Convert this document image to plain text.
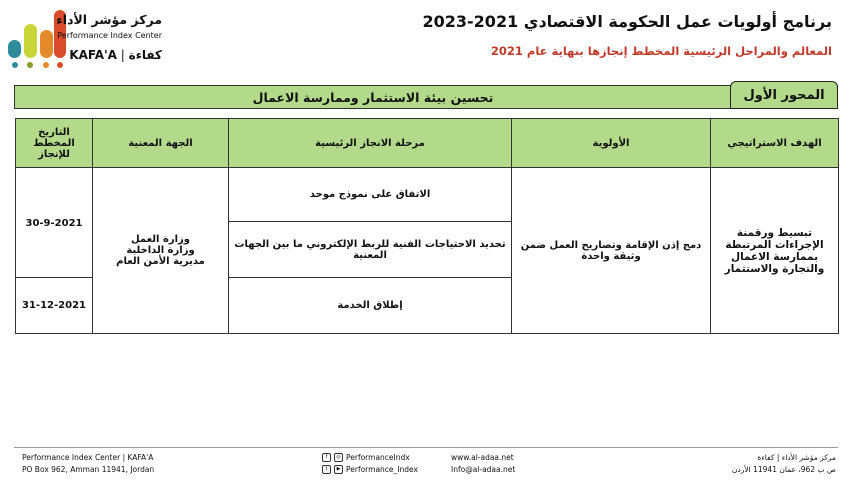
برنامج أولويات عمل الحكومة الاقتصادي 2021-2023
المعالم والمراحل الرئيسية المخطط إنجازها بنهاية عام 2021
مركز مؤشر الأداء
Performance Index Center
KAFA'A | كفاءة
تحسين بيئة الاستثمار وممارسة الاعمال	المحور الأول
الهدف الاستراتيجي	الأولوية	مرحلة الانجاز الرئيسية	الجهة المعنية	التاريخ المخطط للإنجاز
تبسيط ورقمنة الإجراءات المرتبطة بممارسة الاعمال والتجارة والاستثمار	دمج إذن الإقامة وتصاريح العمل ضمن وثيقة واحدة	الاتفاق على نموذج موحد	وزارة العمل
وزارة الداخلية
مديرية الأمن العام	30-9-2021
		تحديد الاحتياجات الفنية للربط الإلكتروني ما بين الجهات المعنية		
		إطلاق الخدمة		31-12-2021
Performance Index Center | KAFA'A
PO Box 962, Amman 11941, Jordan
f	◎ PerformanceIndx
t	▶ Performance_Index
www.al-adaa.net
Info@al-adaa.net
مركز مؤشر الأداء | كفاءة
ص ب 962، عمان 11941 الأردن
